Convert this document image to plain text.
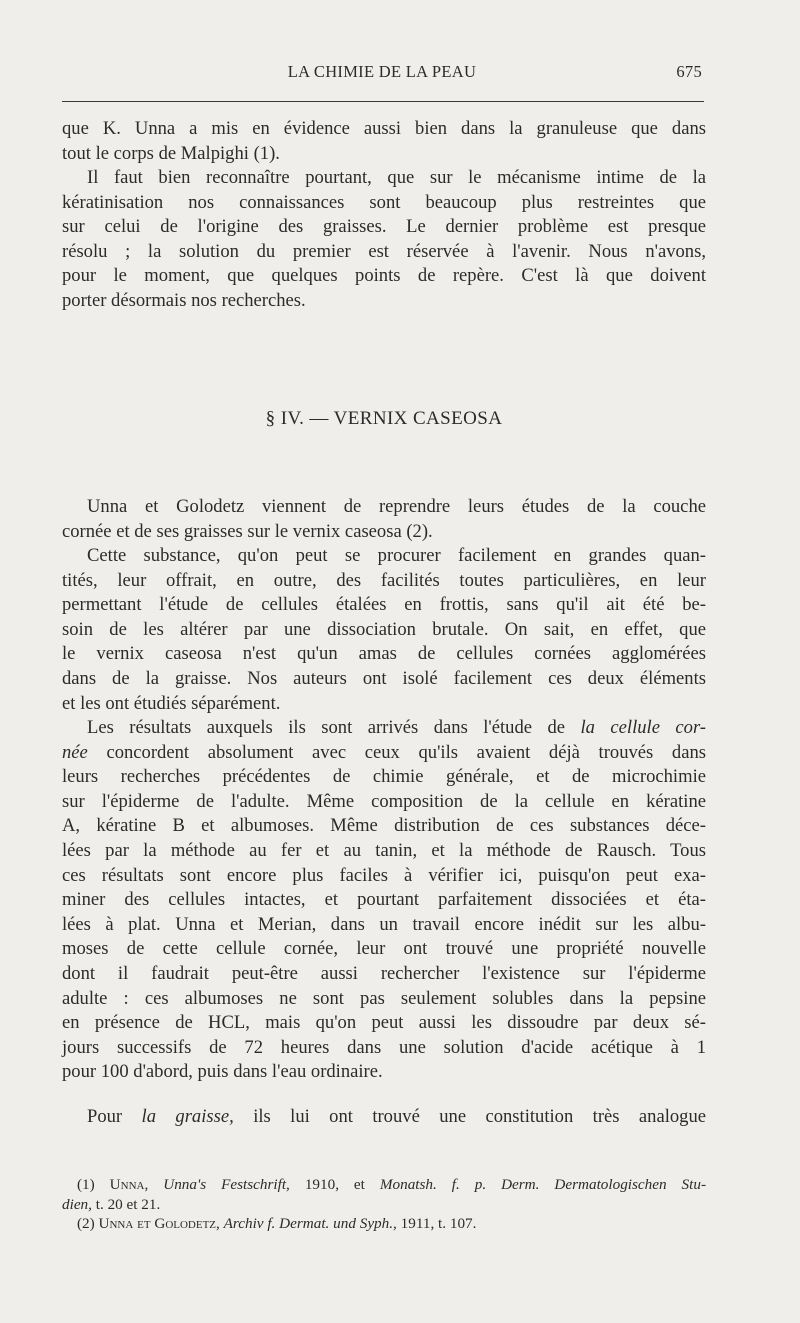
LA CHIMIE DE LA PEAU	675
que K. Unna a mis en évidence aussi bien dans la granuleuse que dans
tout le corps de Malpighi (1).
Il faut bien reconnaître pourtant, que sur le mécanisme intime de la
kératinisation nos connaissances sont beaucoup plus restreintes que
sur celui de l'origine des graisses. Le dernier problème est presque
résolu ; la solution du premier est réservée à l'avenir. Nous n'avons,
pour le moment, que quelques points de repère. C'est là que doivent
porter désormais nos recherches.
§ IV. — VERNIX CASEOSA
Unna et Golodetz viennent de reprendre leurs études de la couche
cornée et de ses graisses sur le vernix caseosa (2).
Cette substance, qu'on peut se procurer facilement en grandes quan-
tités, leur offrait, en outre, des facilités toutes particulières, en leur
permettant l'étude de cellules étalées en frottis, sans qu'il ait été be-
soin de les altérer par une dissociation brutale. On sait, en effet, que
le vernix caseosa n'est qu'un amas de cellules cornées agglomérées
dans de la graisse. Nos auteurs ont isolé facilement ces deux éléments
et les ont étudiés séparément.
Les résultats auxquels ils sont arrivés dans l'étude de la cellule cor-
née concordent absolument avec ceux qu'ils avaient déjà trouvés dans
leurs recherches précédentes de chimie générale, et de microchimie
sur l'épiderme de l'adulte. Même composition de la cellule en kératine
A, kératine B et albumoses. Même distribution de ces substances déce-
lées par la méthode au fer et au tanin, et la méthode de Rausch. Tous
ces résultats sont encore plus faciles à vérifier ici, puisqu'on peut exa-
miner des cellules intactes, et pourtant parfaitement dissociées et éta-
lées à plat. Unna et Merian, dans un travail encore inédit sur les albu-
moses de cette cellule cornée, leur ont trouvé une propriété nouvelle
dont il faudrait peut-être aussi rechercher l'existence sur l'épiderme
adulte : ces albumoses ne sont pas seulement solubles dans la pepsine
en présence de HCL, mais qu'on peut aussi les dissoudre par deux sé-
jours successifs de 72 heures dans une solution d'acide acétique à 1
pour 100 d'abord, puis dans l'eau ordinaire.
Pour la graisse, ils lui ont trouvé une constitution très analogue
(1) Unna, Unna's Festschrift, 1910, et Monatsh. f. p. Derm. Dermatologischen Stu-
dien, t. 20 et 21.
(2) Unna et Golodetz, Archiv f. Dermat. und Syph., 1911, t. 107.
